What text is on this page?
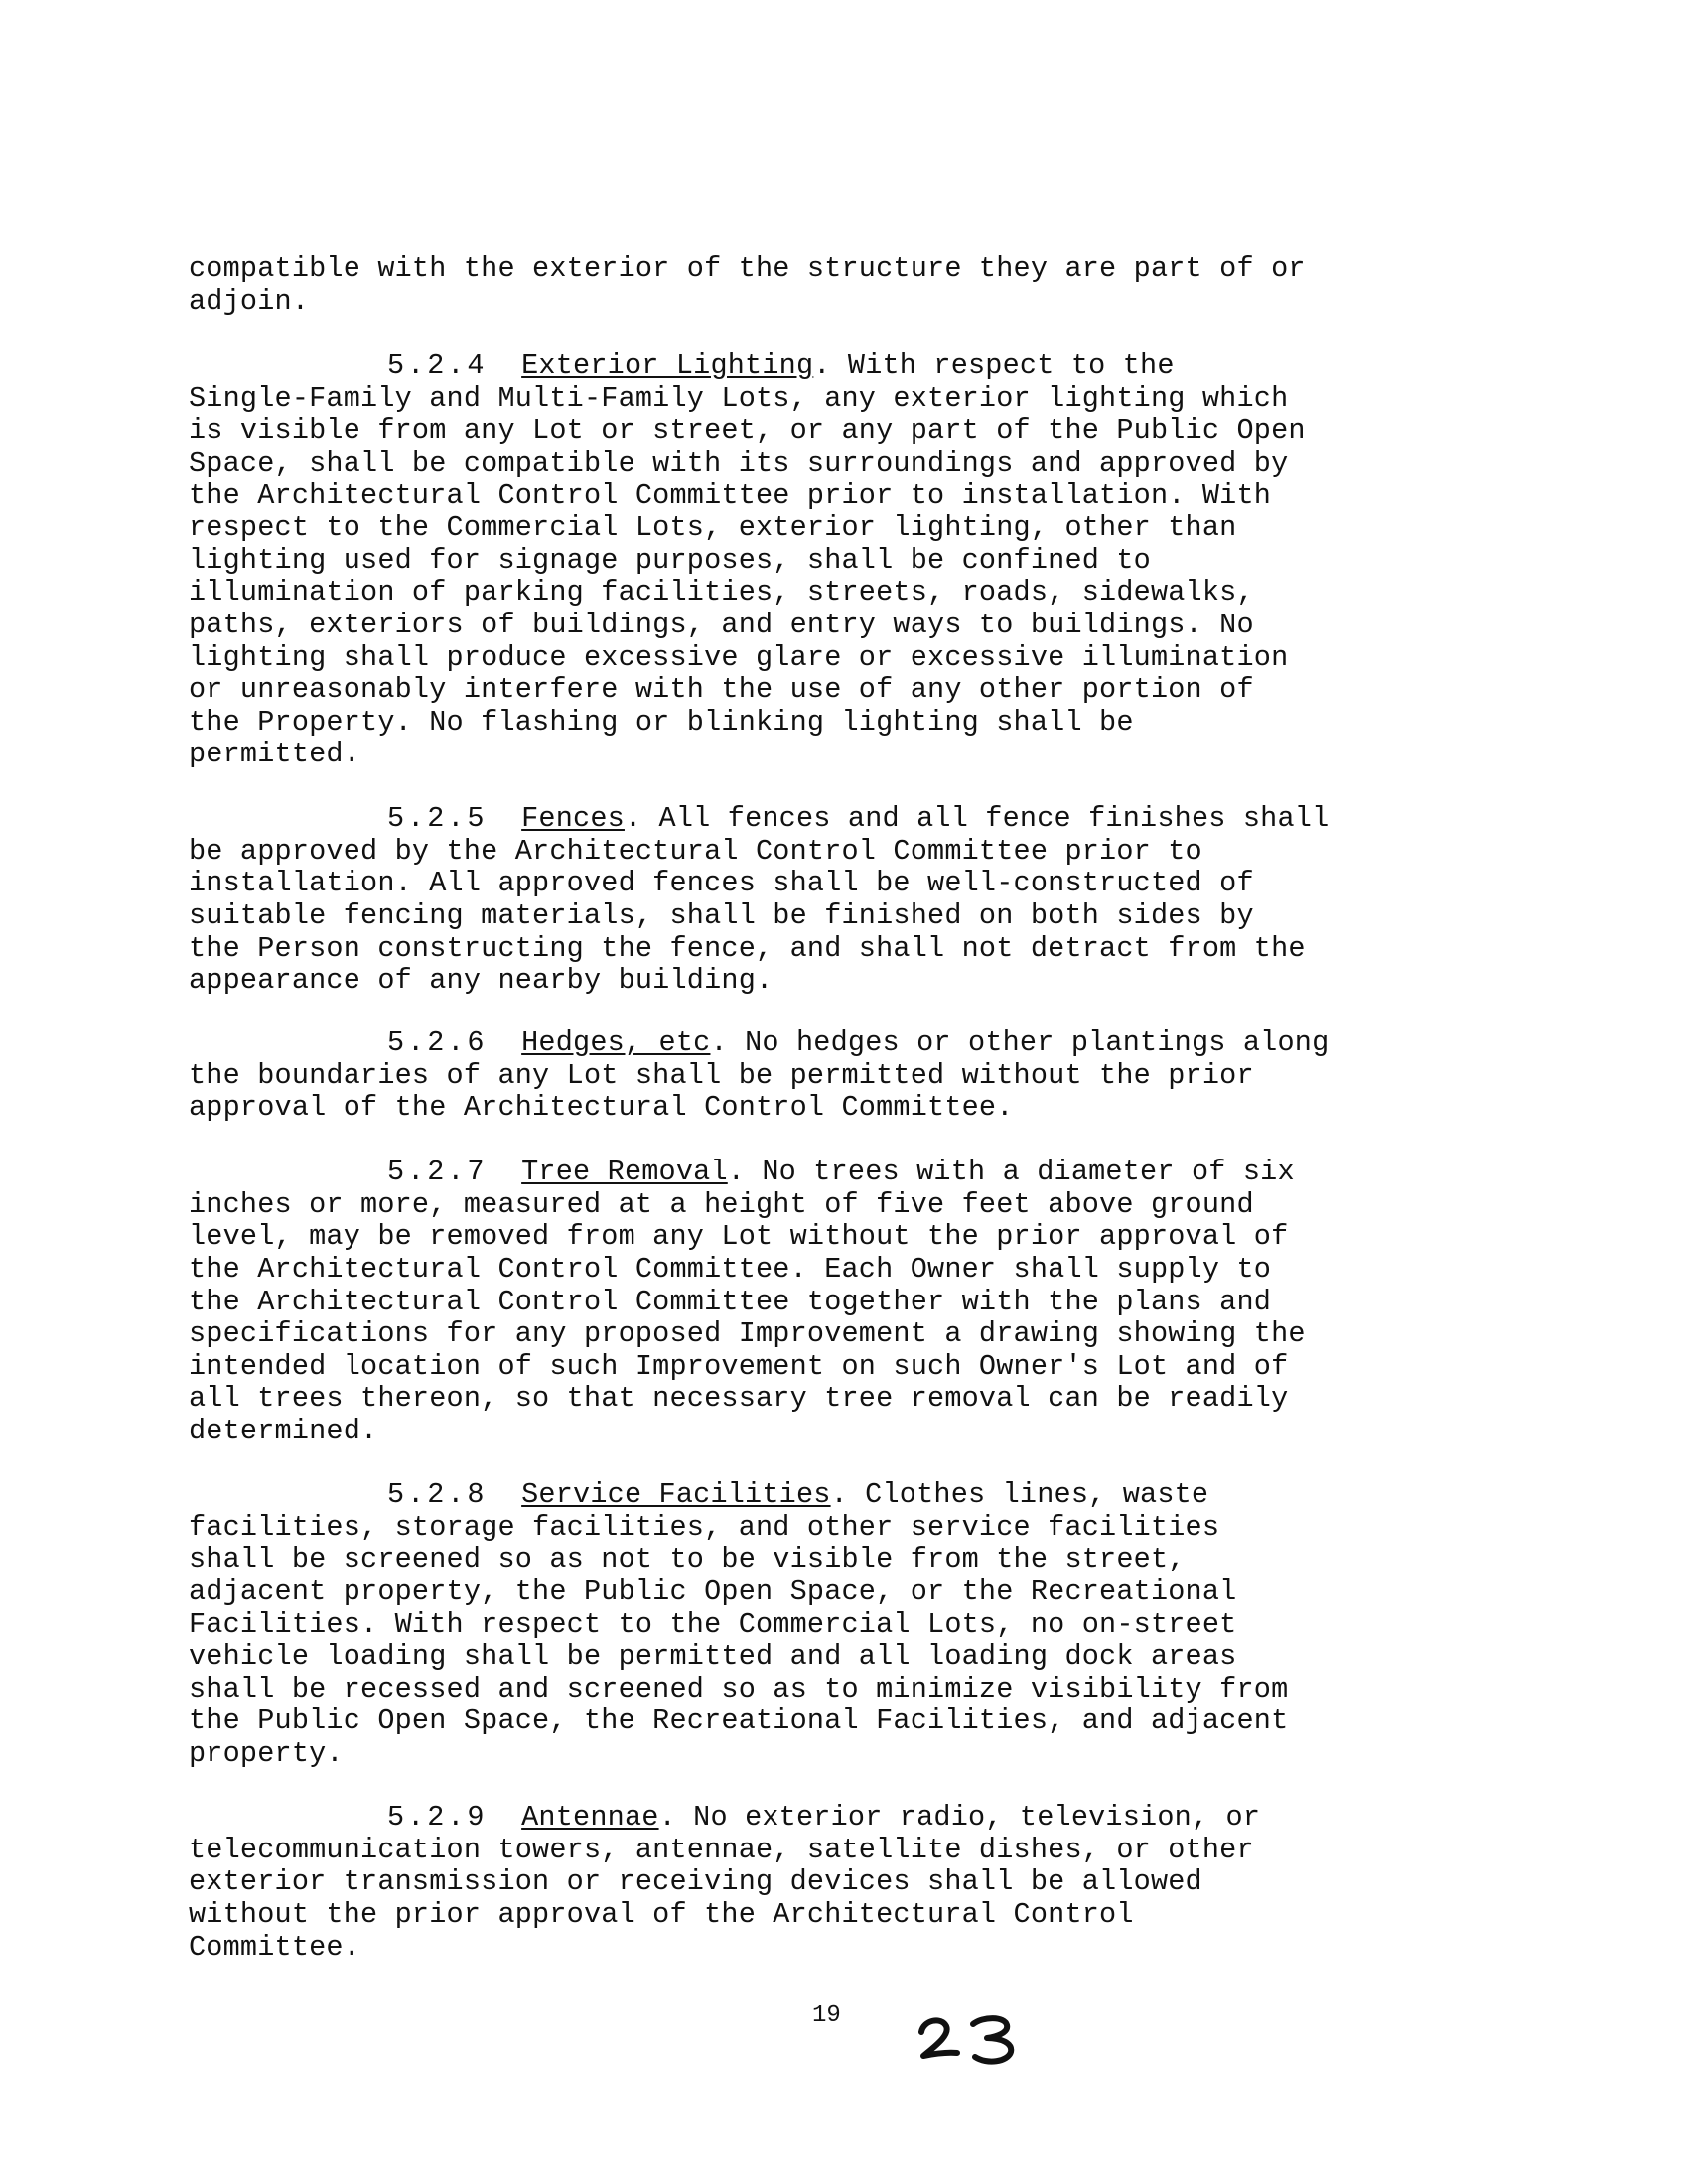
compatible with the exterior of the structure they are part of or
adjoin.

5.2.4 Exterior Lighting. With respect to the
Single-Family and Multi-Family Lots, any exterior lighting which
is visible from any Lot or street, or any part of the Public Open
Space, shall be compatible with its surroundings and approved by
the Architectural Control Committee prior to installation. With
respect to the Commercial Lots, exterior lighting, other than
lighting used for signage purposes, shall be confined to
illumination of parking facilities, streets, roads, sidewalks,
paths, exteriors of buildings, and entry ways to buildings. No
lighting shall produce excessive glare or excessive illumination
or unreasonably interfere with the use of any other portion of
the Property. No flashing or blinking lighting shall be
permitted.

5.2.5 Fences. All fences and all fence finishes shall
be approved by the Architectural Control Committee prior to
installation. All approved fences shall be well-constructed of
suitable fencing materials, shall be finished on both sides by
the Person constructing the fence, and shall not detract from the
appearance of any nearby building.

5.2.6 Hedges, etc. No hedges or other plantings along
the boundaries of any Lot shall be permitted without the prior
approval of the Architectural Control Committee.

5.2.7 Tree Removal. No trees with a diameter of six
inches or more, measured at a height of five feet above ground
level, may be removed from any Lot without the prior approval of
the Architectural Control Committee. Each Owner shall supply to
the Architectural Control Committee together with the plans and
specifications for any proposed Improvement a drawing showing the
intended location of such Improvement on such Owner's Lot and of
all trees thereon, so that necessary tree removal can be readily
determined.

5.2.8 Service Facilities. Clothes lines, waste
facilities, storage facilities, and other service facilities
shall be screened so as not to be visible from the street,
adjacent property, the Public Open Space, or the Recreational
Facilities. With respect to the Commercial Lots, no on-street
vehicle loading shall be permitted and all loading dock areas
shall be recessed and screened so as to minimize visibility from
the Public Open Space, the Recreational Facilities, and adjacent
property.

5.2.9 Antennae. No exterior radio, television, or
telecommunication towers, antennae, satellite dishes, or other
exterior transmission or receiving devices shall be allowed
without the prior approval of the Architectural Control
Committee.

19
